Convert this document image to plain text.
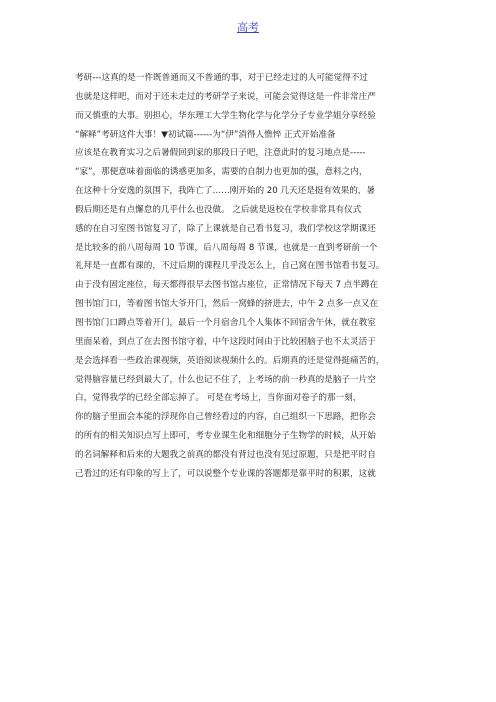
高考
考研---这真的是一件既普通而又不普通的事，对于已经走过的人可能觉得不过
也就是这样吧，而对于还未走过的考研学子来说，可能会觉得这是一件非常庄严
而又慎重的大事。别担心，华东理工大学生物化学与化学分子专业学姐分享经验
“解释”考研这件大事！▼初试篇------为“伊”消得人憔悴 正式开始准备
应该是在教育实习之后暑假回到家的那段日子吧，注意此时的复习地点是-----
“家”，那便意味着面临的诱惑更加多，需要的自制力也更加的强，意料之内，
在这种十分安逸的氛围下，我阵亡了……刚开始的 20 几天还是挺有效果的，暑
假后期还是有点懈怠的几乎什么也没做。 之后就是返校在学校非常具有仪式
感的在自习室图书馆复习了，除了上课就是自己看书复习，我们学校这学期课还
是比较多的前八周每周 10 节课，后八周每周 8 节课，也就是一直到考研前一个
礼拜是一直都有课的，不过后期的课程几乎没怎么上，自己窝在图书馆看书复习。
由于没有固定座位，每天都得很早去图书馆占座位，正常情况下每天 7 点半蹲在
图书馆门口，等着图书馆大爷开门，然后一窝蜂的挤进去，中午 2 点多一点又在
图书馆门口蹲点等着开门，最后一个月宿舍几个人集体不回宿舍午休，就在教室
里面呆着，到点了在去图书馆守着，中午这段时间由于比较困脑子也不太灵活于
是会选择看一些政治课视频，英语阅读视频什么的。后期真的还是觉得挺痛苦的，
觉得脑容量已经到最大了，什么也记不住了，上考场的前一秒真的是脑子一片空
白，觉得我学的已经全部忘掉了。 可是在考场上，当你面对卷子的那一刻，
你的脑子里面会本能的浮现你自己曾经看过的内容，自己组织一下思路，把你会
的所有的相关知识点写上即可，考专业课生化和细胞分子生物学的时候，从开始
的名词解释和后来的大题我之前真的都没有背过也没有见过原题，只是把平时自
己看过的还有印象的写上了，可以说整个专业课的答题都是靠平时的积累，这就
